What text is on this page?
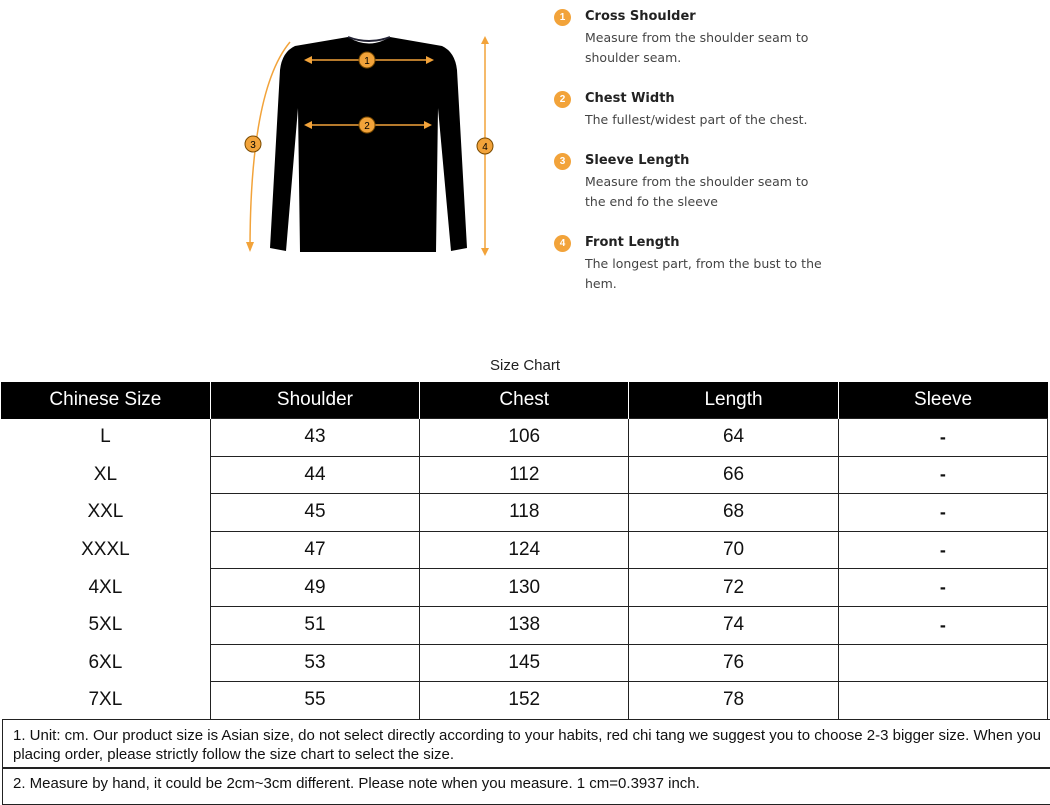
1
2
3	4
1	Cross Shoulder
Measure from the shoulder seam to shoulder seam.
2	Chest Width
The fullest/widest part of the chest.
3	Sleeve Length
Measure from the shoulder seam to the end fo the sleeve
4	Front Length
The longest part, from the bust to the hem.
Size Chart
Chinese Size	Shoulder	Chest	Length	Sleeve
L	43	106	64	-
XL	44	112	66	-
XXL	45	118	68	-
XXXL	47	124	70	-
4XL	49	130	72	-
5XL	51	138	74	-
6XL	53	145	76	
7XL	55	152	78	
1. Unit: cm. Our product size is Asian size, do not select directly according to your habits, red chi tang we suggest you to choose 2-3 bigger size. When you placing order, please strictly follow the size chart to select the size.
2. Measure by hand, it could be 2cm~3cm different. Please note when you measure. 1 cm=0.3937 inch.
